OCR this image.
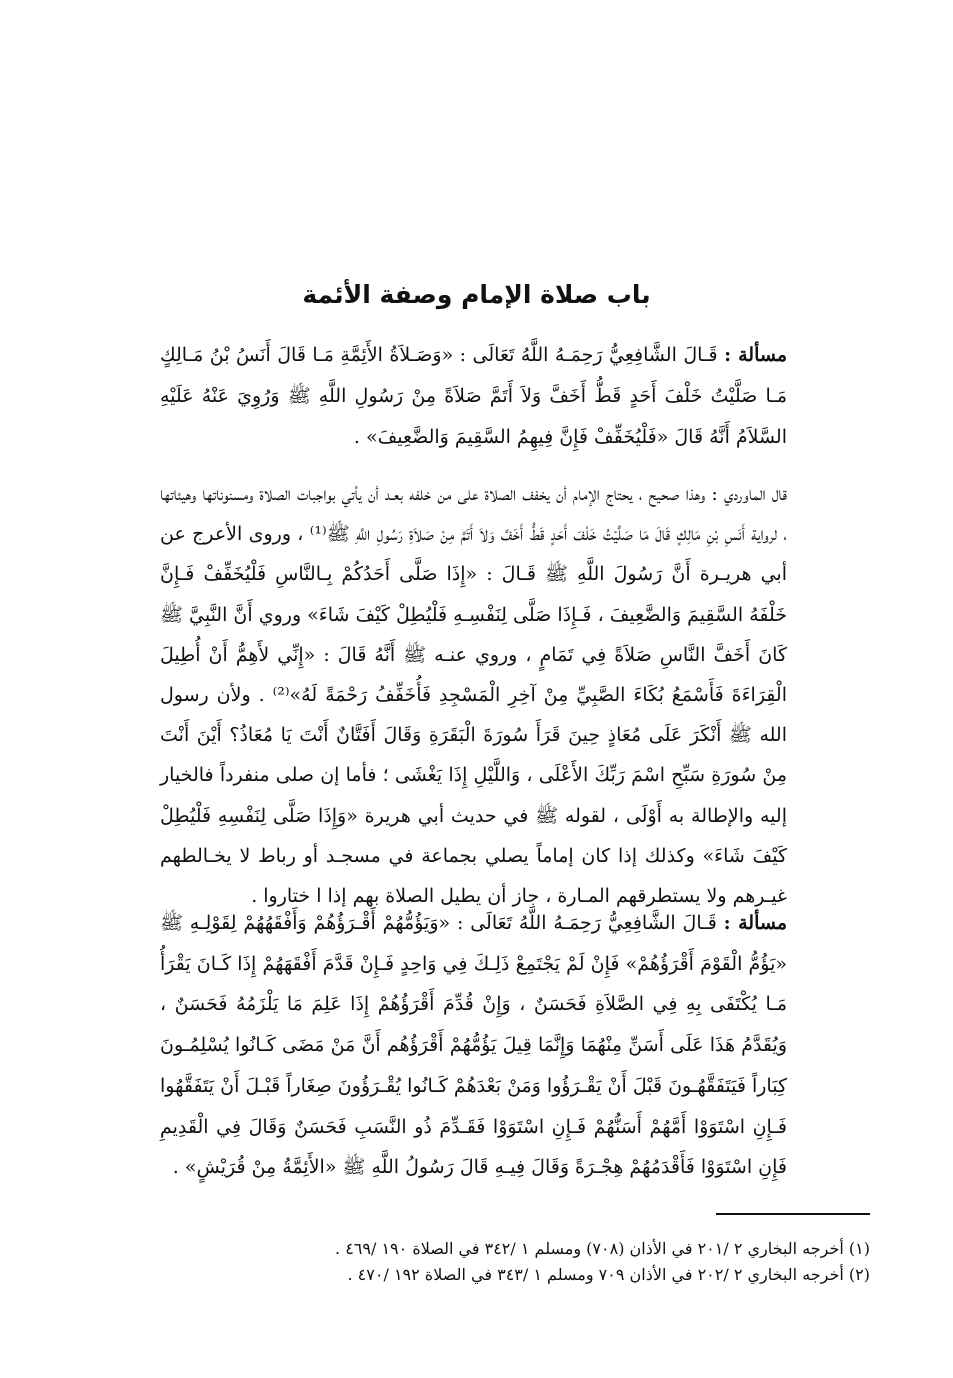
باب صلاة الإمام وصفة الأئمة

مسألة : قَـالَ الشَّافِعِيُّ رَحِمَـهُ اللَّهُ تَعَالَى : «وَصَـلاَةُ الأَئِمَّةِ مَـا قَالَ أَنَسُ بْنُ مَـالِكٍ مَـا صَلَّيْتُ خَلْفَ أَحَدٍ قَطُّ أَخَفَّ وَلاَ أَتَمَّ صَلاَةً مِنْ رَسُولِ اللَّهِ ﷺ وَرُوِيَ عَنْهُ عَلَيْهِ السَّلاَمُ أَنَّهُ قَالَ «فَلْيُخَفِّفْ فَإِنَّ فِيهِمُ السَّقِيمَ وَالضَّعِيفَ» .

قال الماوردي : وهذا صحيح ، يحتاج الإمام أن يخفف الصلاة على من خلفه بعـد أن يأتي بواجبات الصلاة ومسنوناتها وهيئاتها ، لرواية أَنَسِ بْنِ مَالِكٍ قَالَ مَا صَلَّيْتُ خَلْفَ أَحَدٍ قَطُّ أَخَفَّ وَلاَ أَتَمَّ مِنْ صَلاَةِ رَسُولِ اللَّهِ ﷺ⁽¹⁾ ، وروى الأعرج عن أبي هريـرة أَنَّ رَسُولَ اللَّهِ ﷺ قَـالَ : «إِذَا صَلَّى أَحَدُكُمْ بِـالنَّاسِ فَلْيُخَفِّفْ فَـإِنَّ خَلْفَهُ السَّقِيمَ وَالضَّعِيفَ ، فَـإِذَا صَلَّى لِنَفْسِـهِ فَلْيُطِلْ كَيْفَ شَاءَ» وروي أَنَّ النَّبِيَّ ﷺ كَانَ أَخَفَّ النَّاسِ صَلاَةً فِي تَمَامٍ ، وروي عنـه ﷺ أَنَّهُ قَالَ : «إِنِّي لأَهِمُّ أَنْ أُطِيلَ الْقِرَاءَةَ فَأَسْمَعُ بُكَاءَ الصَّبِيِّ مِنْ آخِرِ الْمَسْجِدِ فَأُخَفِّفُ رَحْمَةً لَهُ»⁽²⁾ . ولأن رسول الله ﷺ أَنْكَرَ عَلَى مُعَاذٍ حِينَ قَرَأَ سُورَةَ الْبَقَرَةِ وَقَالَ أَفَتَّانٌ أَنْتَ يَا مُعَاذُ؟ أَيْنَ أَنْتَ مِنْ سُورَةِ سَبِّحِ اسْمَ رَبِّكَ الأَعْلَى ، وَاللَّيْلِ إِذَا يَغْشَى ؛ فأما إن صلى منفرداً فالخيار إليه والإطالة به أَوْلَى ، لقوله ﷺ في حديث أبي هريرة «وَإِذَا صَلَّى لِنَفْسِهِ فَلْيُطِلْ كَيْفَ شَاءَ» وكذلك إذا كان إماماً يصلي بجماعة في مسجـد أو رباط لا يخـالطهم غيـرهم ولا يستطرقهم المـارة ، جاز أن يطيل الصلاة بهم إذا ا ختاروا .

مسألة : قَـالَ الشَّافِعِيُّ رَحِمَـهُ اللَّهُ تَعَالَى : «وَيَؤُمُّهُمْ أَقْـرَؤُهُمْ وَأَفْقَهُهُمْ لِقَوْلِـهِ ﷺ «يَؤُمُّ الْقَوْمَ أَقْرَؤُهُمْ» فَإِنْ لَمْ يَجْتَمِعْ ذَلِـكَ فِي وَاحِدٍ فَـإِنْ قَدَّمَ أَفْقَهَهُمْ إِذَا كَـانَ يَقْرَأُ مَـا يُكْتَفَى بِهِ فِي الصَّلاَةِ فَحَسَنٌ ، وَإِنْ قُدِّمَ أَقْرَؤُهُمْ إِذَا عَلِمَ مَا يَلْزَمُهُ فَحَسَنٌ ، وَيُقَدَّمُ هَذَا عَلَى أَسَنِّ مِنْهُمَا وَإِنَّمَا قِيلَ يَؤُمُّهُمْ أَقْرَؤُهُم أَنَّ مَنْ مَضَى كَـانُوا يُسْلِمُـونَ كِبَاراً فَيَتَفَقَّهُـونَ قَبْلَ أَنْ يَقْـرَؤُوا وَمَنْ بَعْدَهُمْ كَـانُوا يُقْـرَؤُونَ صِغَاراً قَبْـلَ أَنْ يَتَفَقَّهُوا فَـإِنِ اسْتَوَوْا أَمَّهُمْ أَسَنُّهُمْ فَـإِنِ اسْتَوَوْا فَقَـدِّمَ ذُو النَّسَبِ فَحَسَنٌ وَقَالَ فِي الْقَدِيمِ فَإِنِ اسْتَوَوْا فَأَقْدَمُهُمْ هِجْـرَةً وَقَالَ فِيـهِ قَالَ رَسُولُ اللَّهِ ﷺ «الأَئِمَّةُ مِنْ قُرَيْشٍ» .

(١) أخرجه البخاري ٢ /٢٠١ في الأذان (٧٠٨) ومسلم ١ /٣٤٢ في الصلاة ١٩٠ /٤٦٩ .

(٢) أخرجه البخاري ٢ /٢٠٢ في الأذان ٧٠٩ ومسلم ١ /٣٤٣ في الصلاة ١٩٢ /٤٧٠ .
